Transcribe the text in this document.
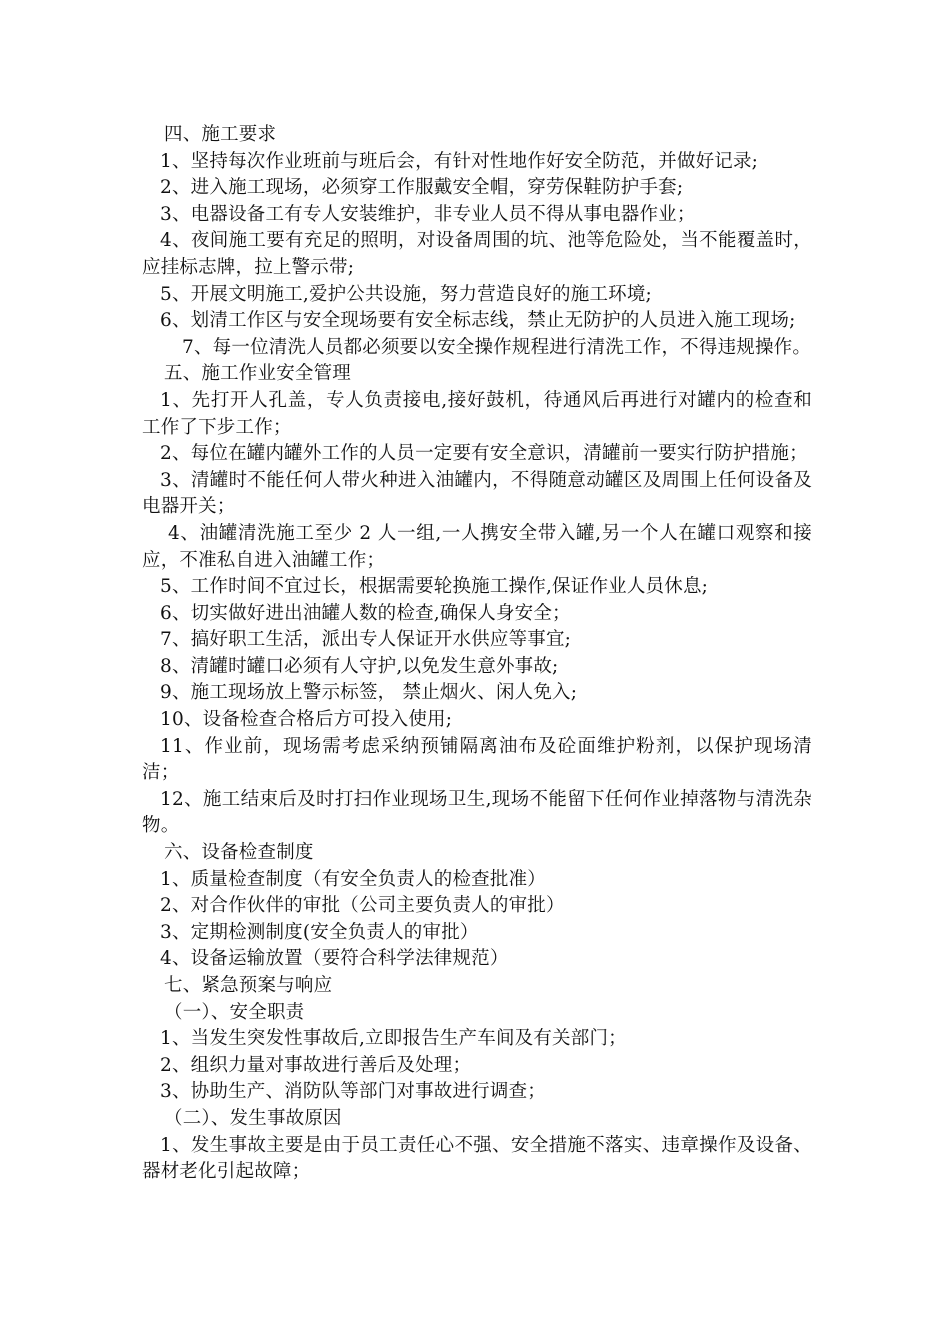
四、施工要求

1、坚持每次作业班前与班后会，有针对性地作好安全防范，并做好记录;

2、进入施工现场，必须穿工作服戴安全帽，穿劳保鞋防护手套;

3、电器设备工有专人安装维护，非专业人员不得从事电器作业；

4、夜间施工要有充足的照明，对设备周围的坑、池等危险处，当不能覆盖时，应挂标志牌，拉上警示带;

5、开展文明施工,爱护公共设施，努力营造良好的施工环境;

6、划清工作区与安全现场要有安全标志线，禁止无防护的人员进入施工现场;

7、每一位清洗人员都必须要以安全操作规程进行清洗工作，不得违规操作。

五、施工作业安全管理

1、先打开人孔盖，专人负责接电,接好鼓机，待通风后再进行对罐内的检查和工作了下步工作；

2、每位在罐内罐外工作的人员一定要有安全意识，清罐前一要实行防护措施；

3、清罐时不能任何人带火种进入油罐内，不得随意动罐区及周围上任何设备及电器开关；

4、油罐清洗施工至少 2 人一组,一人携安全带入罐,另一个人在罐口观察和接应，不准私自进入油罐工作；

5、工作时间不宜过长，根据需要轮换施工操作,保证作业人员休息;

6、切实做好进出油罐人数的检查,确保人身安全；

7、搞好职工生活，派出专人保证开水供应等事宜;

8、清罐时罐口必须有人守护,以免发生意外事故;

9、施工现场放上警示标签， 禁止烟火、闲人免入;

10、设备检查合格后方可投入使用;

11、作业前，现场需考虑采纳预铺隔离油布及砼面维护粉剂，以保护现场清洁；

12、施工结束后及时打扫作业现场卫生,现场不能留下任何作业掉落物与清洗杂物。

六、设备检查制度

1、质量检查制度（有安全负责人的检查批准）

2、对合作伙伴的审批（公司主要负责人的审批）

3、定期检测制度(安全负责人的审批）

4、设备运输放置（要符合科学法律规范）

七、紧急预案与响应

（一）、安全职责

1、当发生突发性事故后,立即报告生产车间及有关部门；

2、组织力量对事故进行善后及处理；

3、协助生产、消防队等部门对事故进行调查；

（二）、发生事故原因

1、发生事故主要是由于员工责任心不强、安全措施不落实、违章操作及设备、器材老化引起故障；
